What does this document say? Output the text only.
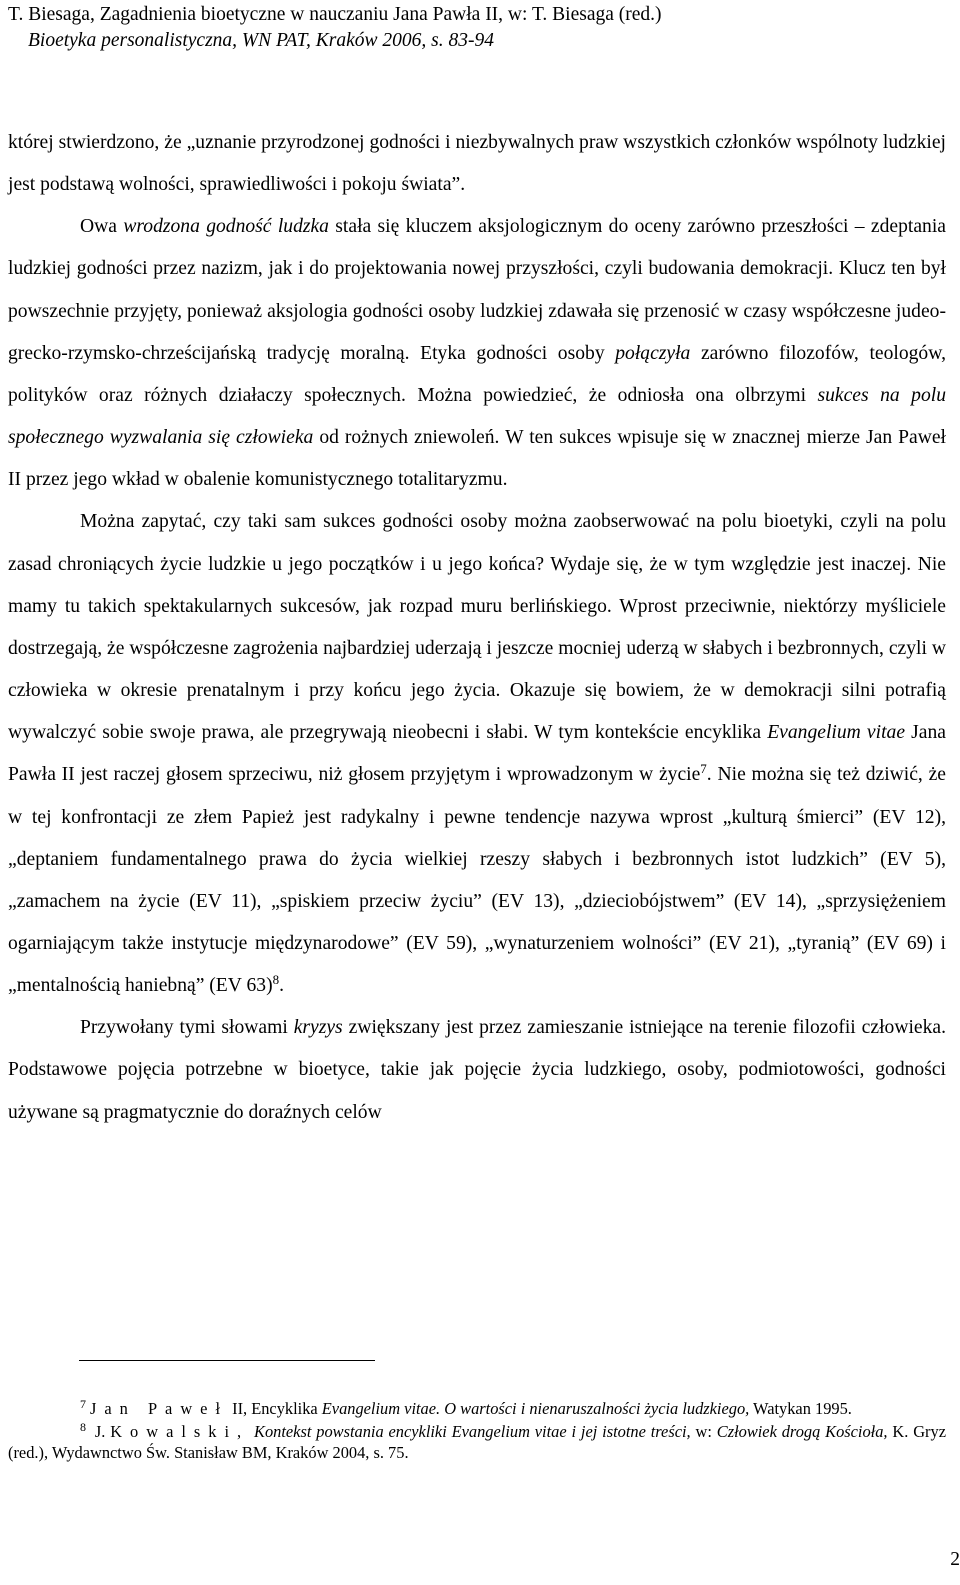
T. Biesaga, Zagadnienia bioetyczne w nauczaniu Jana Pawła II, w: T. Biesaga (red.)
Bioetyka personalistyczna, WN PAT, Kraków 2006, s. 83-94

której stwierdzono, że „uznanie przyrodzonej godności i niezbywalnych praw wszystkich członków wspólnoty ludzkiej jest podstawą wolności, sprawiedliwości i pokoju świata”.

Owa wrodzona godność ludzka stała się kluczem aksjologicznym do oceny zarówno przeszłości – zdeptania ludzkiej godności przez nazizm, jak i do projektowania nowej przyszłości, czyli budowania demokracji. Klucz ten był powszechnie przyjęty, ponieważ aksjologia godności osoby ludzkiej zdawała się przenosić w czasy współczesne judeo-grecko-rzymsko-chrześcijańską tradycję moralną. Etyka godności osoby połączyła zarówno filozofów, teologów, polityków oraz różnych działaczy społecznych. Można powiedzieć, że odniosła ona olbrzymi sukces na polu społecznego wyzwalania się człowieka od rożnych zniewoleń. W ten sukces wpisuje się w znacznej mierze Jan Paweł II przez jego wkład w obalenie komunistycznego totalitaryzmu.

Można zapytać, czy taki sam sukces godności osoby można zaobserwować na polu bioetyki, czyli na polu zasad chroniących życie ludzkie u jego początków i u jego końca? Wydaje się, że w tym względzie jest inaczej. Nie mamy tu takich spektakularnych sukcesów, jak rozpad muru berlińskiego. Wprost przeciwnie, niektórzy myśliciele dostrzegają, że współczesne zagrożenia najbardziej uderzają i jeszcze mocniej uderzą w słabych i bezbronnych, czyli w człowieka w okresie prenatalnym i przy końcu jego życia. Okazuje się bowiem, że w demokracji silni potrafią wywalczyć sobie swoje prawa, ale przegrywają nieobecni i słabi. W tym kontekście encyklika Evangelium vitae Jana Pawła II jest raczej głosem sprzeciwu, niż głosem przyjętym i wprowadzonym w życie$^7$. Nie można się też dziwić, że w tej konfrontacji ze złem Papież jest radykalny i pewne tendencje nazywa wprost „kulturą śmierci” (EV 12), „deptaniem fundamentalnego prawa do życia wielkiej rzeszy słabych i bezbronnych istot ludzkich” (EV 5), „zamachem na życie (EV 11), „spiskiem przeciw życiu” (EV 13), „dzieciobójstwem” (EV 14), „sprzysiężeniem ogarniającym także instytucje międzynarodowe” (EV 59), „wynaturzeniem wolności” (EV 21), „tyranią” (EV 69) i „mentalnością haniebną” (EV 63)$^8$.

Przywołany tymi słowami kryzys zwiększany jest przez zamieszanie istniejące na terenie filozofii człowieka. Podstawowe pojęcia potrzebne w bioetyce, takie jak pojęcie życia ludzkiego, osoby, podmiotowości, godności używane są pragmatycznie do doraźnych celów

$^7$ Jan Paweł II, Encyklika Evangelium vitae. O wartości i nienaruszalności życia ludzkiego, Watykan 1995.

$^8$ J. Kowalski, Kontekst powstania encykliki Evangelium vitae i jej istotne treści, w: Człowiek drogą Kościoła, K. Gryz (red.), Wydawnctwo Św. Stanisław BM, Kraków 2004, s. 75.

2
